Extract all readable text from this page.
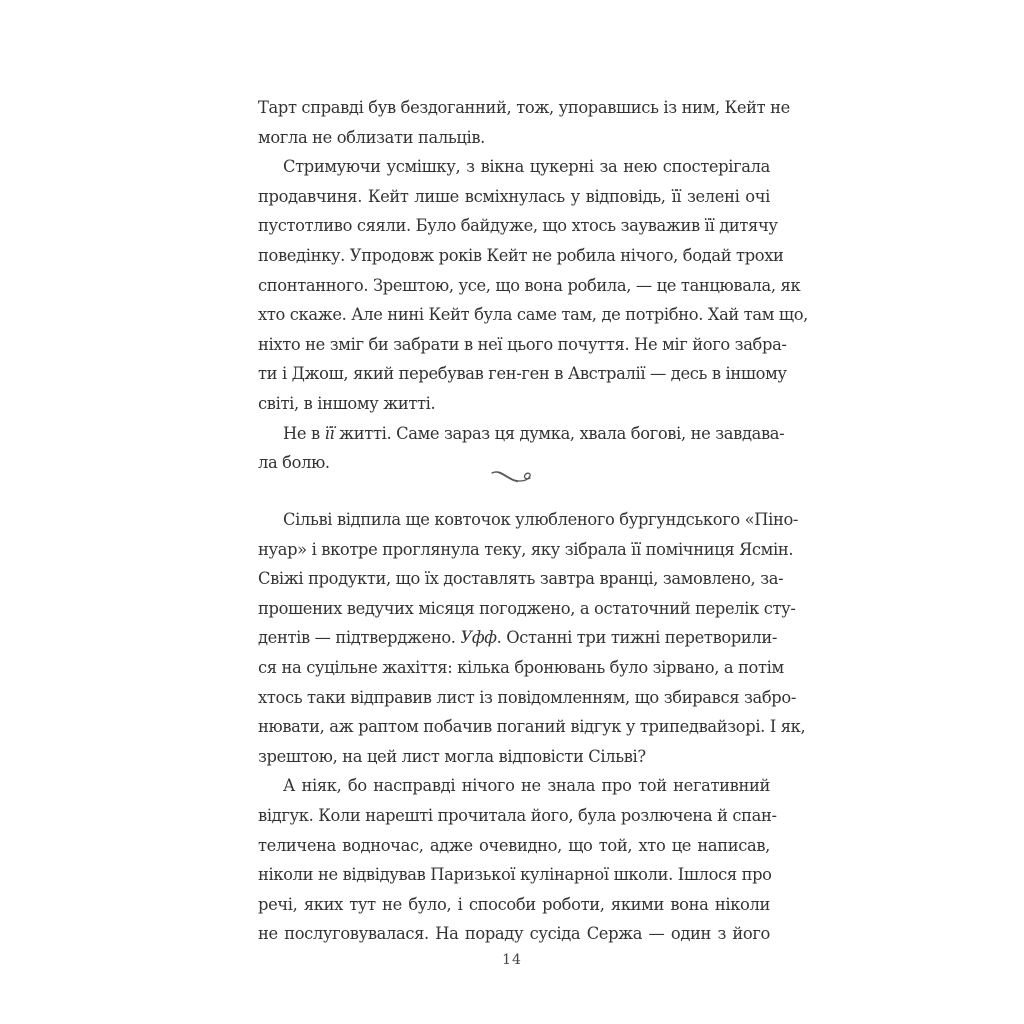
Тарт справді був бездоганний, тож, упоравшись із ним, Кейт не
могла не облизати пальців.
Стримуючи усмішку, з вікна цукерні за нею спостерігала
продавчиня. Кейт лише всміхнулась у відповідь, її зелені очі
пустотливо сяяли. Було байдуже, що хтось зауважив її дитячу
поведінку. Упродовж років Кейт не робила нічого, бодай трохи
спонтанного. Зрештою, усе, що вона робила, — це танцювала, як
хто скаже. Але нині Кейт була саме там, де потрібно. Хай там що,
ніхто не зміг би забрати в неї цього почуття. Не міг його забра-
ти і Джош, який перебував ген-ген в Австралії — десь в іншому
світі, в іншому житті.
Не в її житті. Саме зараз ця думка, хвала богові, не завдава-
ла болю.
Сільві відпила ще ковточок улюбленого бургундського «Піно-
нуар» і вкотре проглянула теку, яку зібрала її помічниця Ясмін.
Свіжі продукти, що їх доставлять завтра вранці, замовлено, за-
прошених ведучих місяця погоджено, а остаточний перелік сту-
дентів — підтверджено. Уфф. Останні три тижні перетворили-
ся на суцільне жахіття: кілька бронювань було зірвано, а потім
хтось таки відправив лист із повідомленням, що збирався забро-
нювати, аж раптом побачив поганий відгук у трипедвайзорі. І як,
зрештою, на цей лист могла відповісти Сільві?
А ніяк, бо насправді нічого не знала про той негативний
відгук. Коли нарешті прочитала його, була розлючена й спан-
теличена водночас, адже очевидно, що той, хто це написав,
ніколи не відвідував Паризької кулінарної школи. Ішлося про
речі, яких тут не було, і способи роботи, якими вона ніколи
не послуговувалася. На пораду сусіда Сержа — один з його
14
